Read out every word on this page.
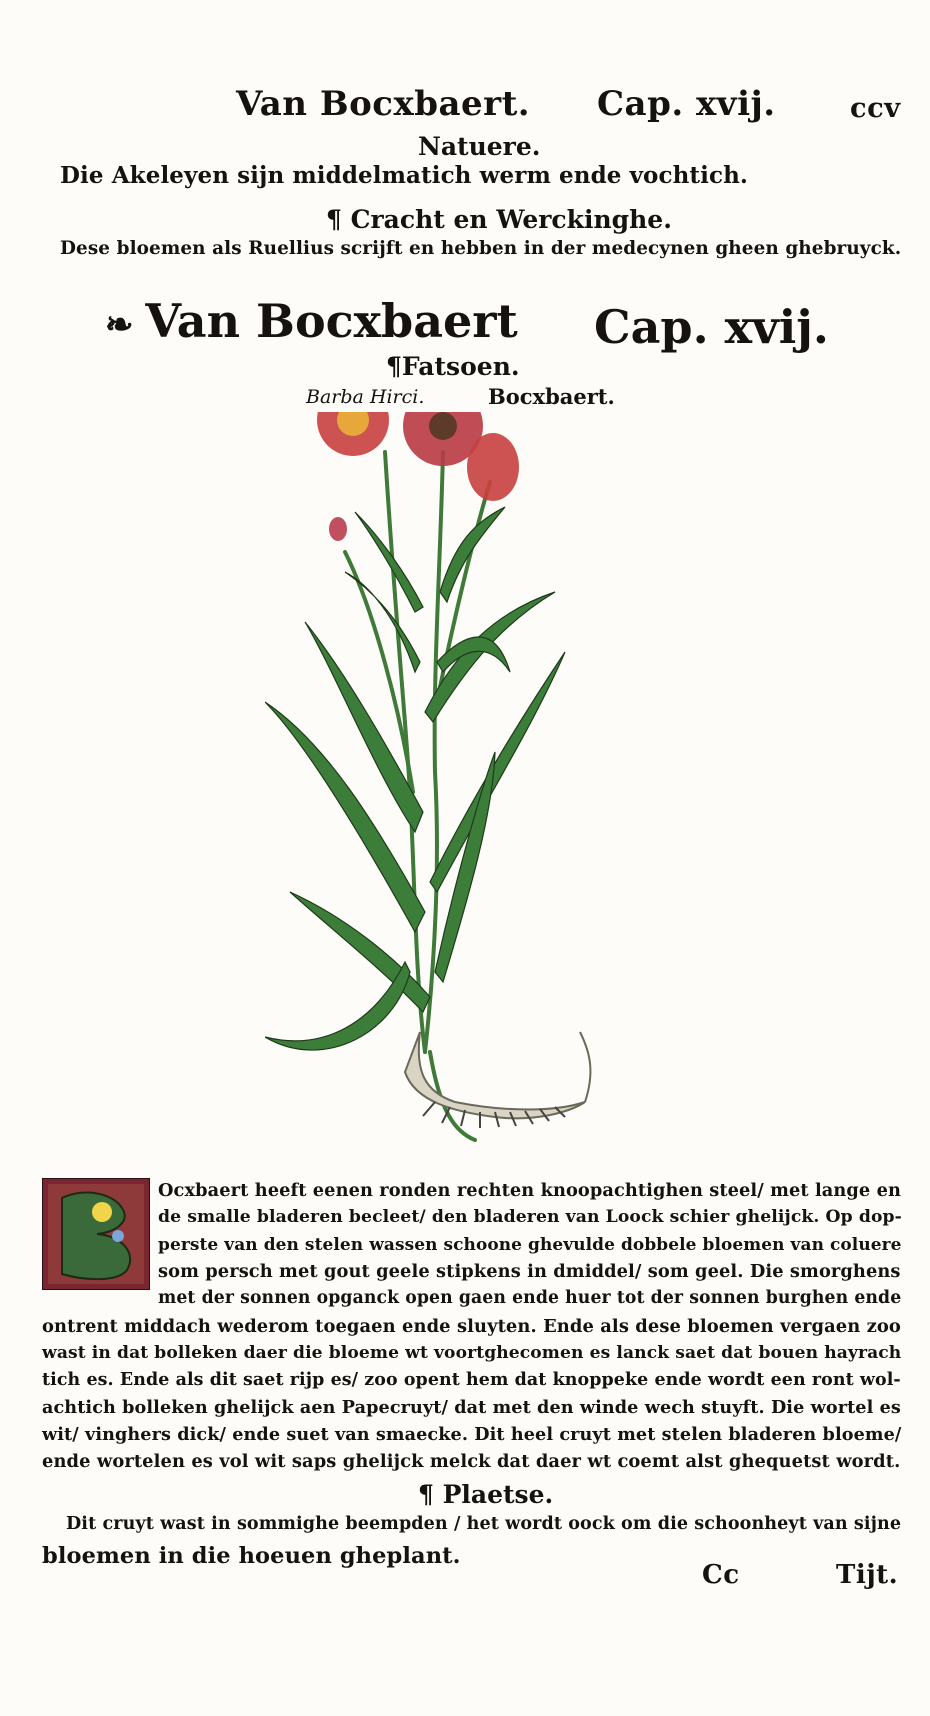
Van Bocxbaert. Cap. xvij.	ccv
Natuere.
Die Akeleyen sijn middelmatich werm ende vochtich.
¶ Cracht en Werckinghe.
Dese bloemen als Ruellius scrijft en hebben in der medecynen gheen ghebruyck.
❧ Van Bocxbaert Cap. xvij.
¶Fatsoen.
Barba Hirci.	Bocxbaert.
Ocxbaert heeft eenen ronden rechten knoopachtighen steel/ met lange en
de smalle bladeren becleet/ den bladeren van Loock schier ghelijck. Op dop-
perste van den stelen wassen schoone ghevulde dobbele bloemen van coluere
som persch met gout geele stipkens in dmiddel/ som geel. Die smorghens
met der sonnen opganck open gaen ende huer tot der sonnen burghen ende
ontrent middach wederom toegaen ende sluyten. Ende als dese bloemen vergaen zoo
wast in dat bolleken daer die bloeme wt voortghecomen es lanck saet dat bouen hayrach
tich es. Ende als dit saet rijp es/ zoo opent hem dat knoppeke ende wordt een ront wol-
achtich bolleken ghelijck aen Papecruyt/ dat met den winde wech stuyft. Die wortel es
wit/ vinghers dick/ ende suet van smaecke. Dit heel cruyt met stelen bladeren bloeme/
ende wortelen es vol wit saps ghelijck melck dat daer wt coemt alst ghequetst wordt.
¶ Plaetse.
Dit cruyt wast in sommighe beempden / het wordt oock om die schoonheyt van sijne
bloemen in die hoeuen gheplant.
Cc	Tijt.
